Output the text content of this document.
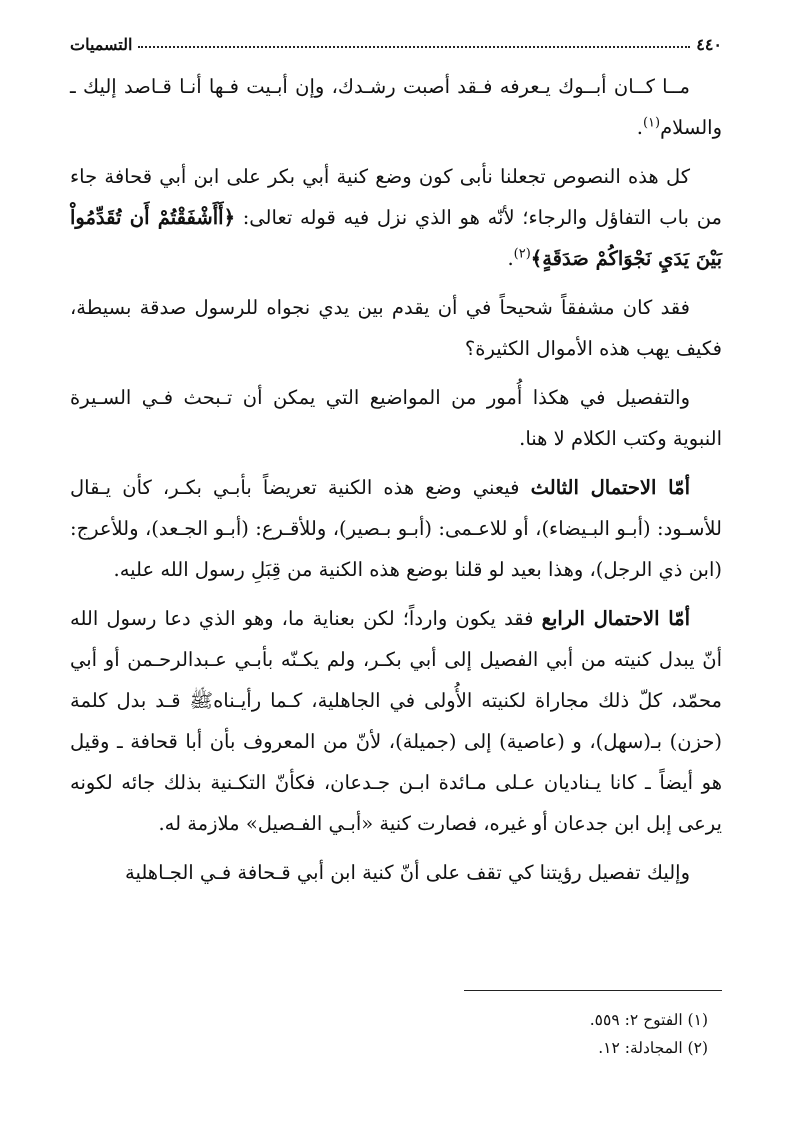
٤٤٠
التسميات

مــا كــان أبــوك يـعرفه فـقد أصبت رشـدك، وإن أبـيت فـها أنـا قـاصد إليك ـ والسلام$^{(١)}$.

كل هذه النصوص تجعلنا نأبى كون وضع كنية أبي بكر على ابن أبي قحافة جاء من باب التفاؤل والرجاء؛ لأنّه هو الذي نزل فيه قوله تعالى: ﴿أَأَشْفَقْتُمْ أَن تُقَدِّمُواْ بَيْنَ يَدَيِ نَجْوَاكُمْ صَدَقَةٍ﴾$^{(٢)}$.

فقد كان مشفقاً شحيحاً في أن يقدم بين يدي نجواه للرسول صدقة بسيطة، فكيف يهب هذه الأموال الكثيرة؟

والتفصيل في هكذا أُمور من المواضيع التي يمكن أن تـبحث فـي السـيرة النبوية وكتب الكلام لا هنا.

أمّا الاحتمال الثالث فيعني وضع هذه الكنية تعريضاً بأبـي بكـر، كأن يـقال للأسـود: (أبـو البـيضاء)، أو للاعـمى: (أبـو بـصير)، وللأقـرع: (أبـو الجـعد)، وللأعرج: (ابن ذي الرجل)، وهذا بعيد لو قلنا بوضع هذه الكنية من قِبَلِ رسول الله عليه.

أمّا الاحتمال الرابع فقد يكون وارداً؛ لكن بعناية ما، وهو الذي دعا رسول الله أنّ يبدل كنيته من أبي الفصيل إلى أبي بكـر، ولم يكـنّه بأبـي عـبدالرحـمن أو أبي محمّد، كلّ ذلك مجاراة لكنيته الأُولى في الجاهلية، كـما رأيـناهﷺ قـد بدل كلمة (حزن) بـ(سهل)، و (عاصية) إلى (جميلة)، لأنّ من المعروف بأن أبا قحافة ـ وقيل هو أيضاً ـ كانا يـناديان عـلى مـائدة ابـن جـدعان، فكأنّ التكـنية بذلك جائه لكونه يرعى إبل ابن جدعان أو غيره، فصارت كنية «أبـي الفـصيل» ملازمة له.

وإليك تفصيل رؤيتنا كي تقف على أنّ كنية ابن أبي قـحافة فـي الجـاهلية

(١) الفتوح ٢: ٥٥٩.
(٢) المجادلة: ١٢.
